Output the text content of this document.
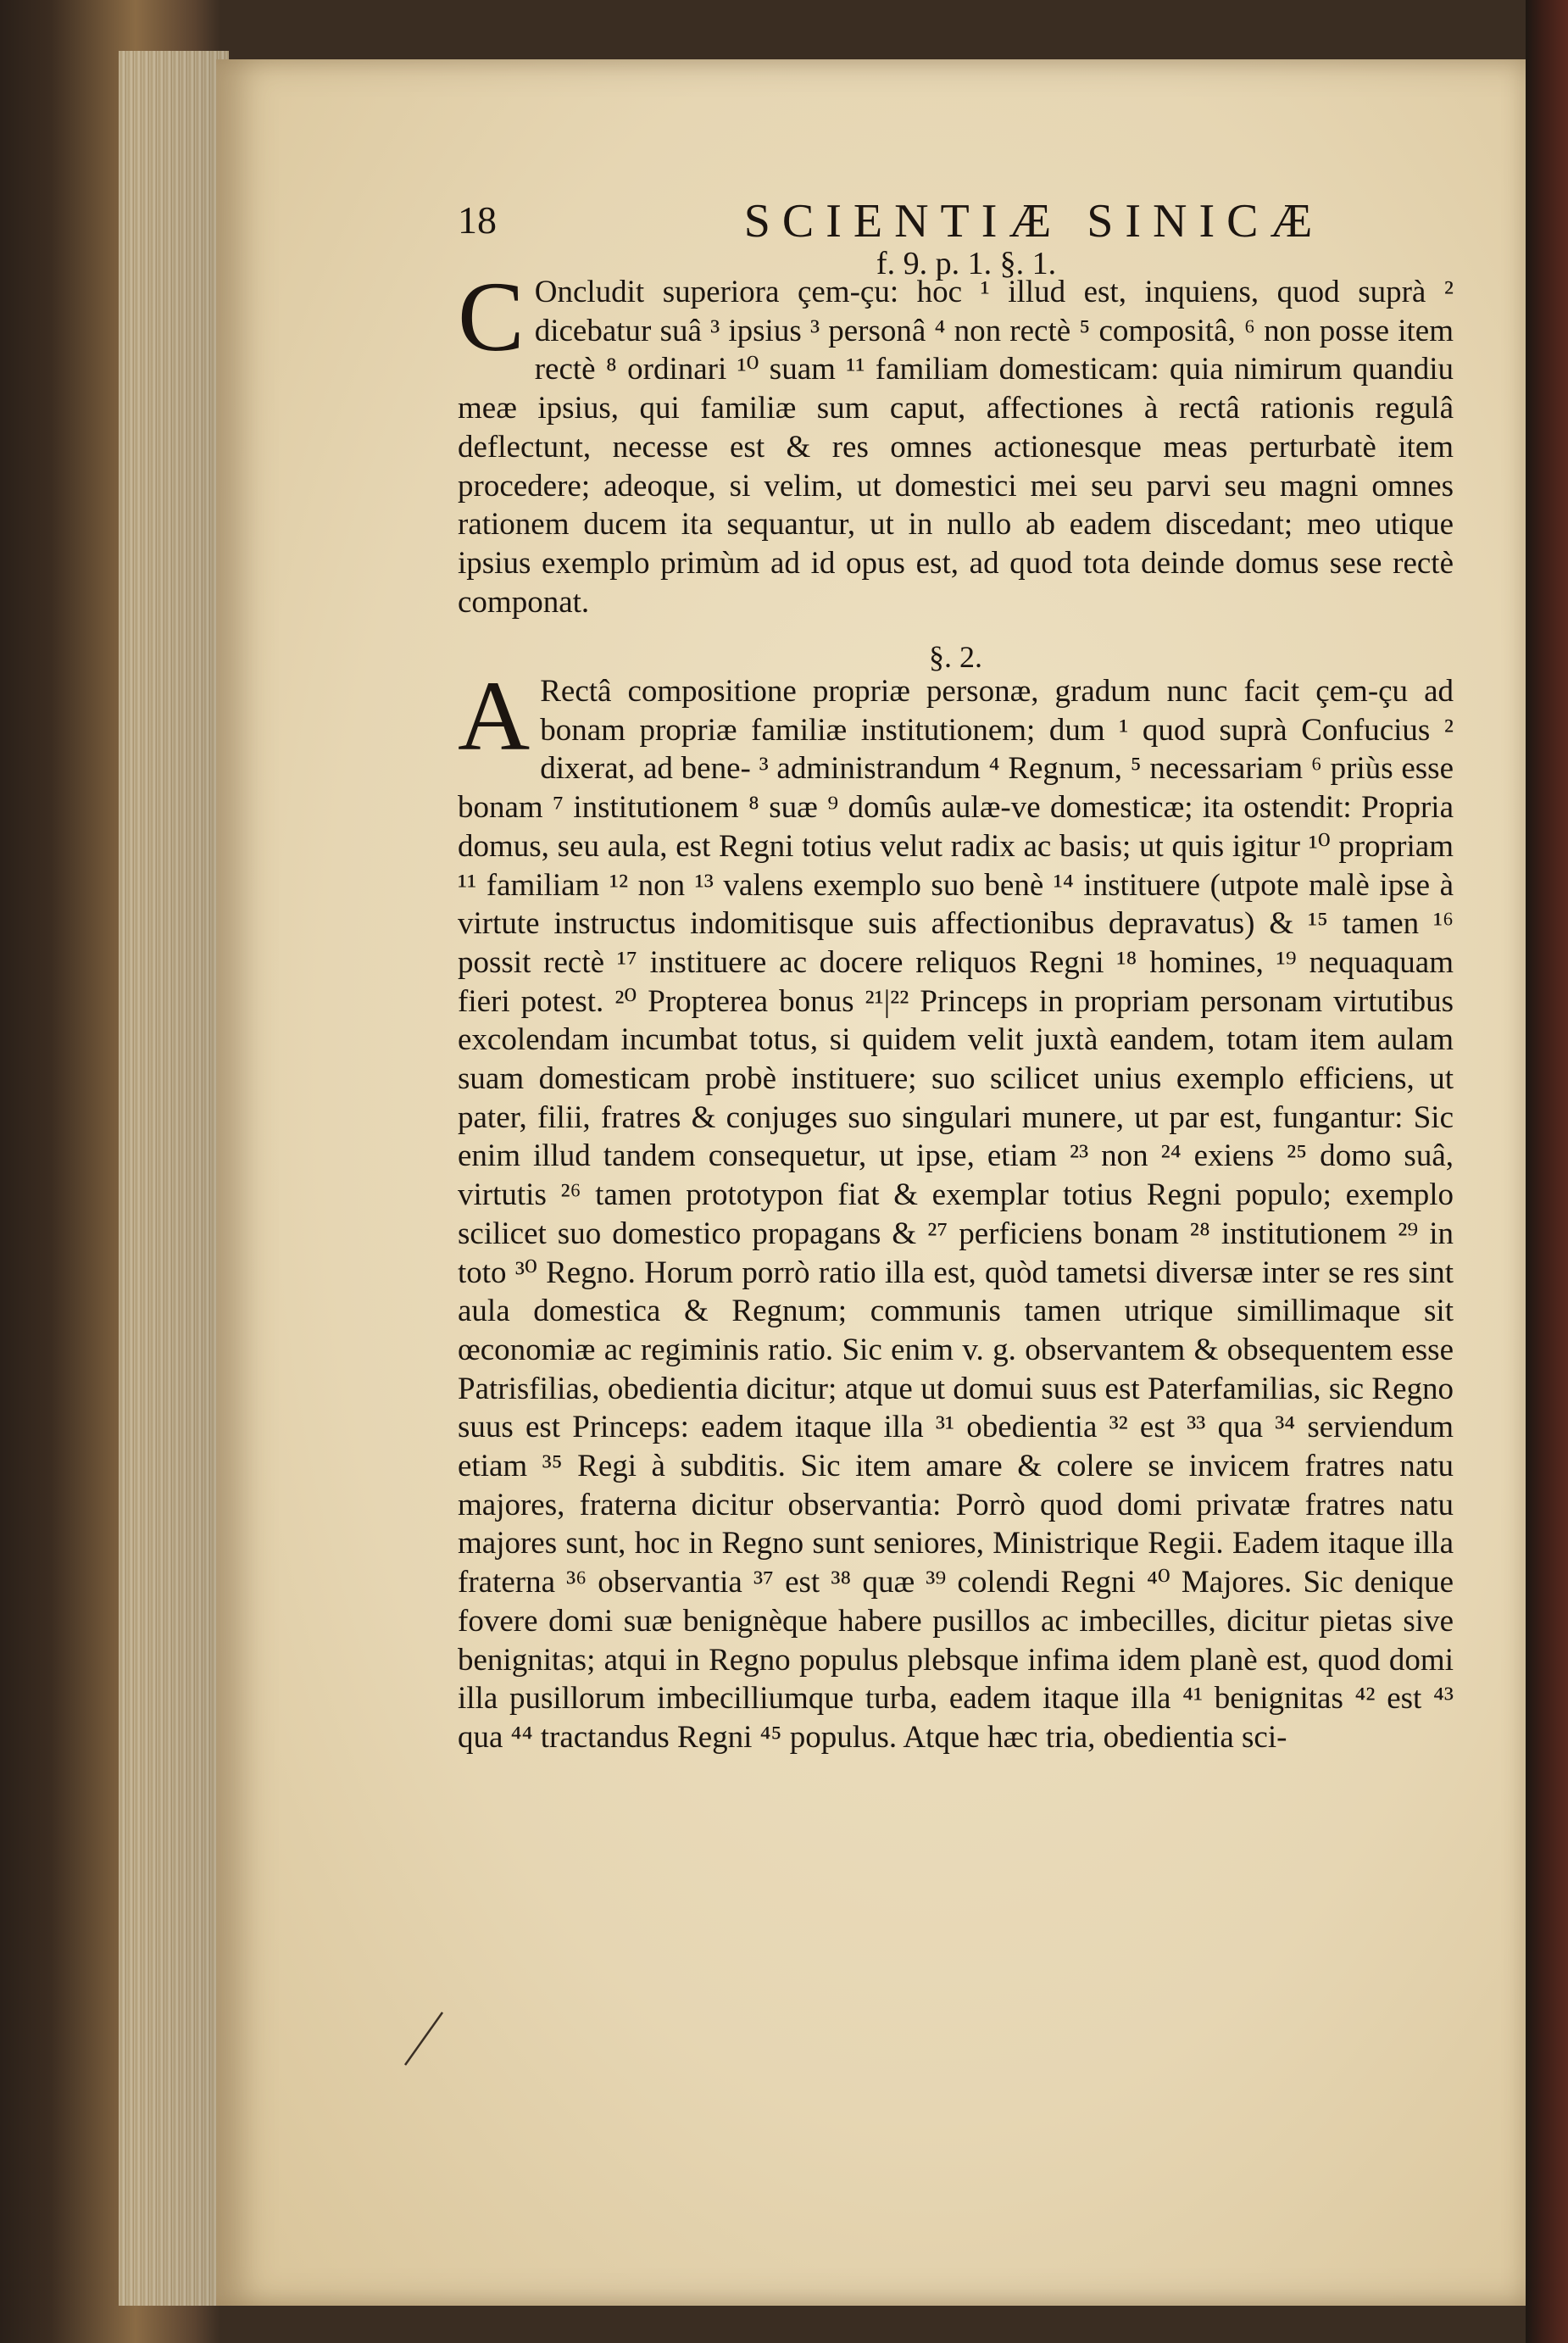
18	SCIENTIÆ SINICÆ
f. 9. p. 1. §. 1.
C Oncludit superiora çem-çu: hoc ¹ illud est, inquiens, quod suprà ² dicebatur suâ ³ ipsius ³ personâ ⁴ non rectè ⁵ compositâ, ⁶ non posse item rectè ⁸ ordinari ¹⁰ suam ¹¹ familiam domesticam: quia nimirum quandiu meæ ipsius, qui familiæ sum caput, affectiones à rectâ rationis regulâ deflectunt, necesse est & res omnes actionesque meas perturbatè item procedere; adeoque, si velim, ut domestici mei seu parvi seu magni omnes rationem ducem ita sequantur, ut in nullo ab eadem discedant; meo utique ipsius exemplo primùm ad id opus est, ad quod tota deinde domus sese rectè componat.
§. 2.
A Rectâ compositione propriæ personæ, gradum nunc facit çem-çu ad bonam propriæ familiæ institutionem; dum ¹ quod suprà Confucius ² dixerat, ad bene- ³ administrandum ⁴ Regnum, ⁵ necessariam ⁶ priùs esse bonam ⁷ institutionem ⁸ suæ ⁹ domûs aulæ-ve domesticæ; ita ostendit: Propria domus, seu aula, est Regni totius velut radix ac basis; ut quis igitur ¹⁰ propriam ¹¹ familiam ¹² non ¹³ valens exemplo suo benè ¹⁴ instituere (utpote malè ipse à virtute instructus indomitisque suis affectionibus depravatus) & ¹⁵ tamen ¹⁶ possit rectè ¹⁷ instituere ac docere reliquos Regni ¹⁸ homines, ¹⁹ nequaquam fieri potest. ²⁰ Propterea bonus ²¹|²² Princeps in propriam personam virtutibus excolendam incumbat totus, si quidem velit juxtà eandem, totam item aulam suam domesticam probè instituere; suo scilicet unius exemplo efficiens, ut pater, filii, fratres & conjuges suo singulari munere, ut par est, fungantur: Sic enim illud tandem consequetur, ut ipse, etiam ²³ non ²⁴ exiens ²⁵ domo suâ, virtutis ²⁶ tamen prototypon fiat & exemplar totius Regni populo; exemplo scilicet suo domestico propagans & ²⁷ perficiens bonam ²⁸ institutionem ²⁹ in toto ³⁰ Regno. Horum porrò ratio illa est, quòd tametsi diversæ inter se res sint aula domestica & Regnum; communis tamen utrique simillimaque sit œconomiæ ac regiminis ratio. Sic enim v. g. observantem & obsequentem esse Patrisfilias, obedientia dicitur; atque ut domui suus est Paterfamilias, sic Regno suus est Princeps: eadem itaque illa ³¹ obedientia ³² est ³³ qua ³⁴ serviendum etiam ³⁵ Regi à subditis. Sic item amare & colere se invicem fratres natu majores, fraterna dicitur observantia: Porrò quod domi privatæ fratres natu majores sunt, hoc in Regno sunt seniores, Ministrique Regii. Eadem itaque illa fraterna ³⁶ observantia ³⁷ est ³⁸ quæ ³⁹ colendi Regni ⁴⁰ Majores. Sic denique fovere domi suæ benignèque habere pusillos ac imbecilles, dicitur pietas sive benignitas; atqui in Regno populus plebsque infima idem planè est, quod domi illa pusillorum imbecilliumque turba, eadem itaque illa ⁴¹ benignitas ⁴² est ⁴³ qua ⁴⁴ tractandus Regni ⁴⁵ populus. Atque hæc tria, obedientia sci-
